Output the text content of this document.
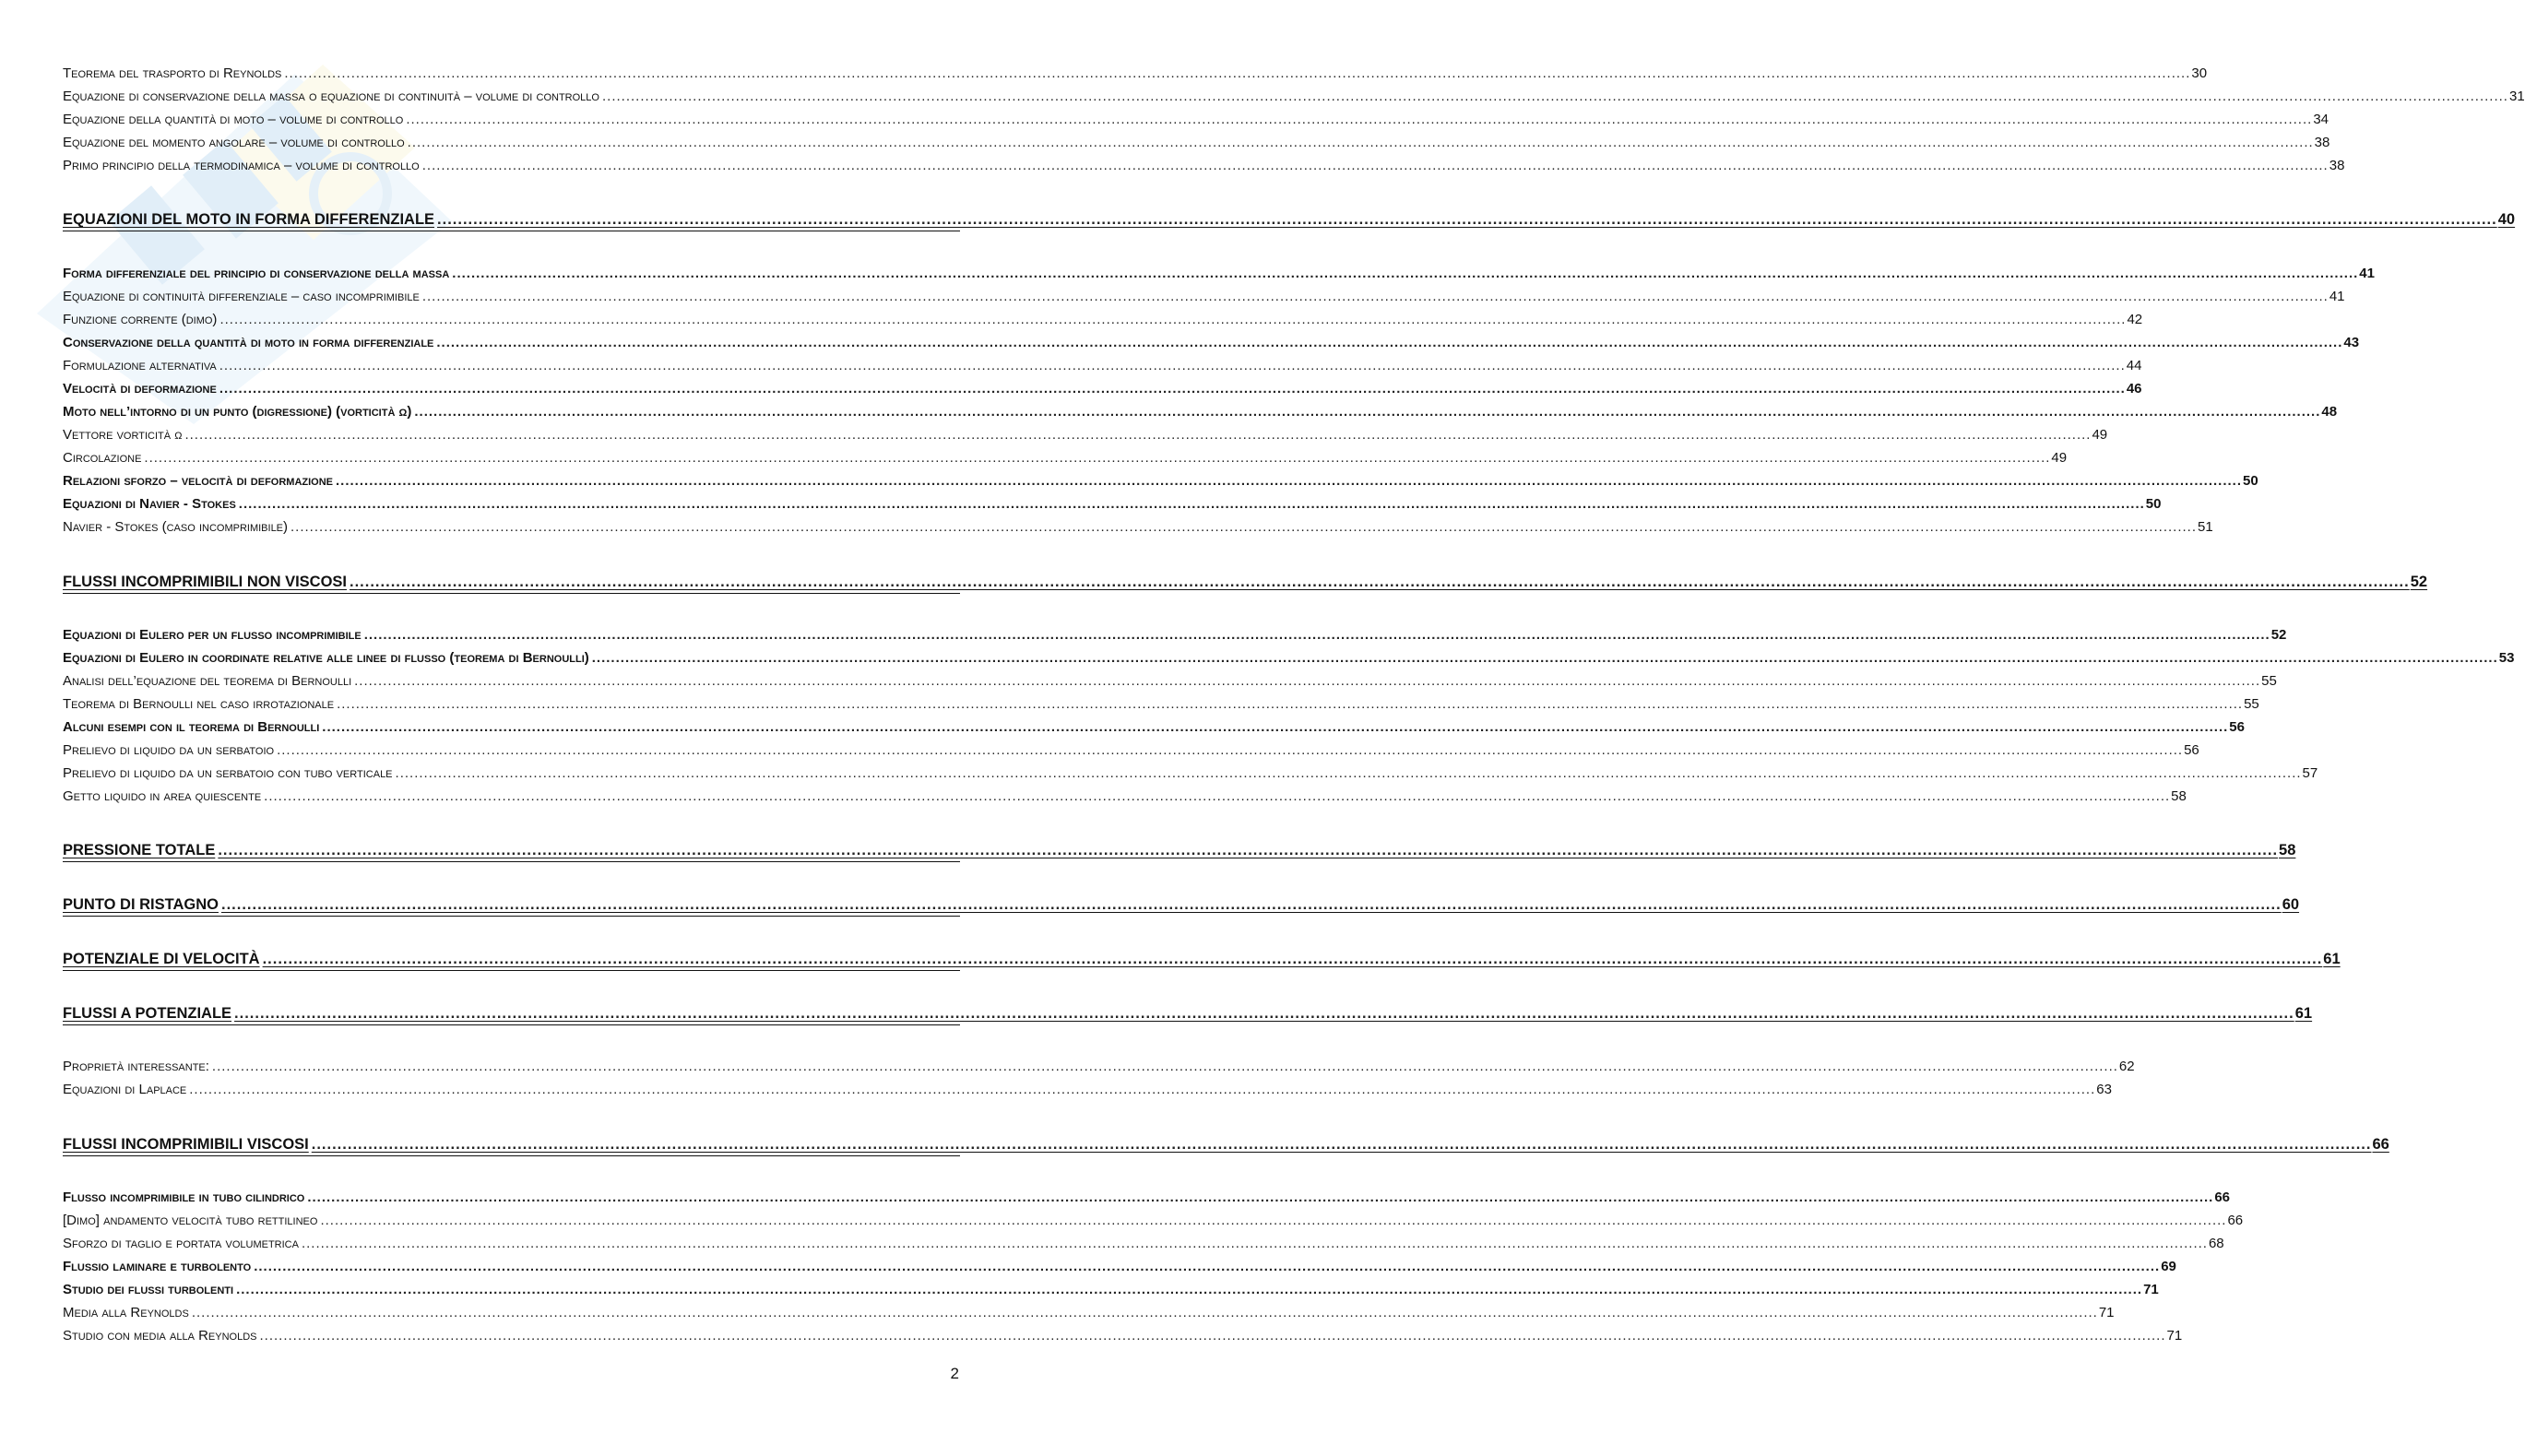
Teorema del trasporto di Reynolds ................................................................................................................................................................................................................................................................................................................................................................................................................ 30
Equazione di conservazione della massa o equazione di continuità – volume di controllo ................................................................................................................................................................................................................................................................................................................................................................................................................ 31
Equazione della quantità di moto – volume di controllo ................................................................................................................................................................................................................................................................................................................................................................................................................ 34
Equazione del momento angolare – volume di controllo ................................................................................................................................................................................................................................................................................................................................................................................................................ 38
Primo principio della termodinamica – volume di controllo ................................................................................................................................................................................................................................................................................................................................................................................................................ 38
EQUAZIONI DEL MOTO IN FORMA DIFFERENZIALE ................................................................................................................................................................................................................................................................................................................................................................................................................ 40
Forma differenziale del principio di conservazione della massa ................................................................................................................................................................................................................................................................................................................................................................................................................ 41
Equazione di continuità differenziale – caso incomprimibile ................................................................................................................................................................................................................................................................................................................................................................................................................ 41
Funzione corrente (dimo) ................................................................................................................................................................................................................................................................................................................................................................................................................ 42
Conservazione della quantità di moto in forma differenziale ................................................................................................................................................................................................................................................................................................................................................................................................................ 43
Formulazione alternativa ................................................................................................................................................................................................................................................................................................................................................................................................................ 44
Velocità di deformazione ................................................................................................................................................................................................................................................................................................................................................................................................................ 46
Moto nell’intorno di un punto (digressione) (vorticità ω) ................................................................................................................................................................................................................................................................................................................................................................................................................ 48
Vettore vorticità ω ................................................................................................................................................................................................................................................................................................................................................................................................................ 49
Circolazione ................................................................................................................................................................................................................................................................................................................................................................................................................ 49
Relazioni sforzo – velocità di deformazione ................................................................................................................................................................................................................................................................................................................................................................................................................ 50
Equazioni di Navier - Stokes ................................................................................................................................................................................................................................................................................................................................................................................................................ 50
Navier - Stokes (caso incomprimibile) ................................................................................................................................................................................................................................................................................................................................................................................................................ 51
FLUSSI INCOMPRIMIBILI NON VISCOSI ................................................................................................................................................................................................................................................................................................................................................................................................................ 52
Equazioni di Eulero per un flusso incomprimibile ................................................................................................................................................................................................................................................................................................................................................................................................................ 52
Equazioni di Eulero in coordinate relative alle linee di flusso (teorema di Bernoulli) ................................................................................................................................................................................................................................................................................................................................................................................................................ 53
Analisi dell’equazione del teorema di Bernoulli ................................................................................................................................................................................................................................................................................................................................................................................................................ 55
Teorema di Bernoulli nel caso irrotazionale ................................................................................................................................................................................................................................................................................................................................................................................................................ 55
Alcuni esempi con il teorema di Bernoulli ................................................................................................................................................................................................................................................................................................................................................................................................................ 56
Prelievo di liquido da un serbatoio ................................................................................................................................................................................................................................................................................................................................................................................................................ 56
Prelievo di liquido da un serbatoio con tubo verticale ................................................................................................................................................................................................................................................................................................................................................................................................................ 57
Getto liquido in area quiescente ................................................................................................................................................................................................................................................................................................................................................................................................................ 58
PRESSIONE TOTALE ................................................................................................................................................................................................................................................................................................................................................................................................................ 58
PUNTO DI RISTAGNO ................................................................................................................................................................................................................................................................................................................................................................................................................ 60
POTENZIALE DI VELOCITÀ ................................................................................................................................................................................................................................................................................................................................................................................................................ 61
FLUSSI A POTENZIALE ................................................................................................................................................................................................................................................................................................................................................................................................................ 61
Proprietà interessante: ................................................................................................................................................................................................................................................................................................................................................................................................................ 62
Equazioni di Laplace ................................................................................................................................................................................................................................................................................................................................................................................................................ 63
FLUSSI INCOMPRIMIBILI VISCOSI ................................................................................................................................................................................................................................................................................................................................................................................................................ 66
Flusso incomprimibile in tubo cilindrico ................................................................................................................................................................................................................................................................................................................................................................................................................ 66
[Dimo] andamento velocità tubo rettilineo ................................................................................................................................................................................................................................................................................................................................................................................................................ 66
Sforzo di taglio e portata volumetrica ................................................................................................................................................................................................................................................................................................................................................................................................................ 68
Flussio laminare e turbolento ................................................................................................................................................................................................................................................................................................................................................................................................................ 69
Studio dei flussi turbolenti ................................................................................................................................................................................................................................................................................................................................................................................................................ 71
Media alla Reynolds ................................................................................................................................................................................................................................................................................................................................................................................................................ 71
Studio con media alla Reynolds ................................................................................................................................................................................................................................................................................................................................................................................................................ 71
2
